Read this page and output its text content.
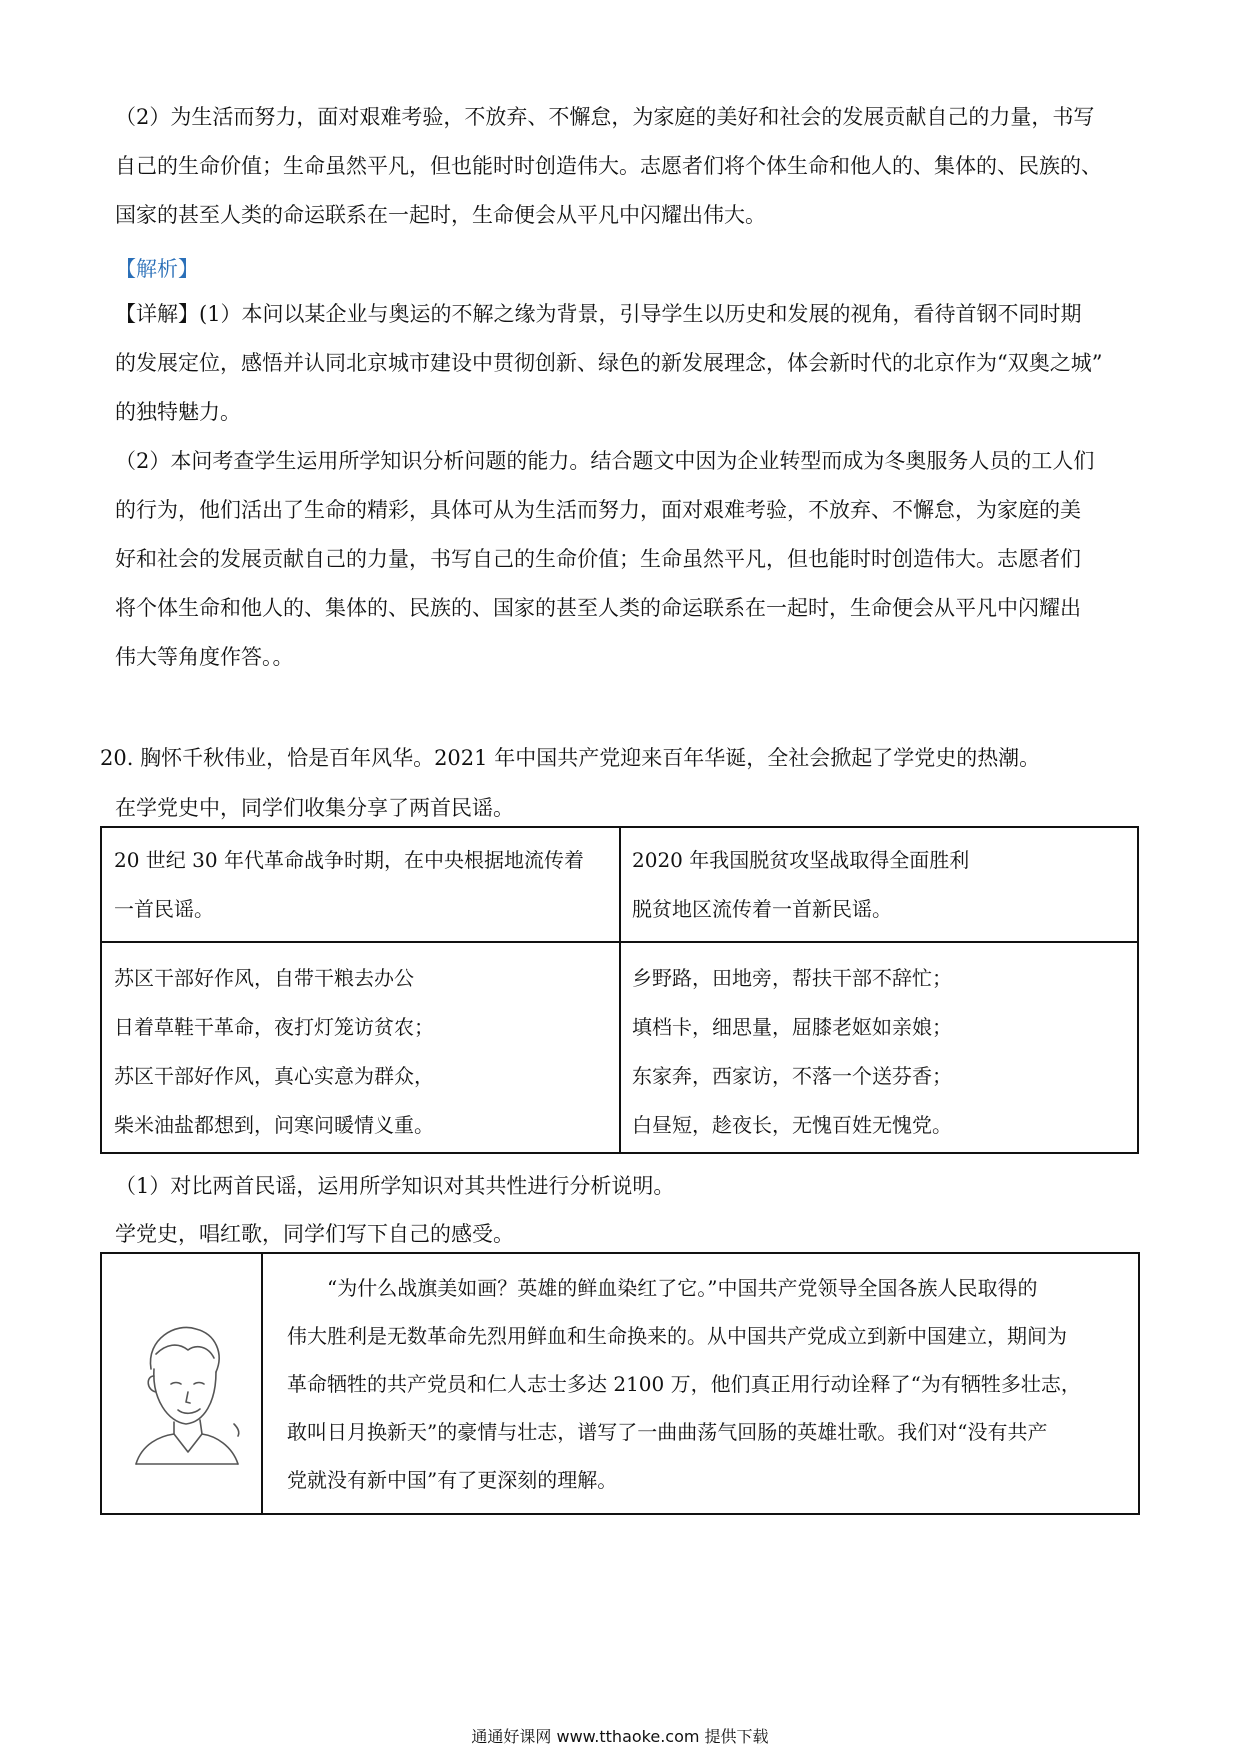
（2）为生活而努力，面对艰难考验，不放弃、不懈怠，为家庭的美好和社会的发展贡献自己的力量，书写
自己的生命价值；生命虽然平凡，但也能时时创造伟大。志愿者们将个体生命和他人的、集体的、民族的、
国家的甚至人类的命运联系在一起时，生命便会从平凡中闪耀出伟大。
【解析】
【详解】(1）本问以某企业与奥运的不解之缘为背景，引导学生以历史和发展的视角，看待首钢不同时期
的发展定位，感悟并认同北京城市建设中贯彻创新、绿色的新发展理念，体会新时代的北京作为“双奥之城”
的独特魅力。
（2）本问考查学生运用所学知识分析问题的能力。结合题文中因为企业转型而成为冬奥服务人员的工人们
的行为，他们活出了生命的精彩，具体可从为生活而努力，面对艰难考验，不放弃、不懈怠，为家庭的美
好和社会的发展贡献自己的力量，书写自己的生命价值；生命虽然平凡，但也能时时创造伟大。志愿者们
将个体生命和他人的、集体的、民族的、国家的甚至人类的命运联系在一起时，生命便会从平凡中闪耀出
伟大等角度作答。。
20. 胸怀千秋伟业，恰是百年风华。2021 年中国共产党迎来百年华诞，全社会掀起了学党史的热潮。
在学党史中，同学们收集分享了两首民谣。
20 世纪 30 年代革命战争时期，在中央根据地流传着
一首民谣。
2020 年我国脱贫攻坚战取得全面胜利
脱贫地区流传着一首新民谣。
苏区干部好作风，自带干粮去办公
日着草鞋干革命，夜打灯笼访贫农；
苏区干部好作风，真心实意为群众，
柴米油盐都想到，问寒问暖情义重。
乡野路，田地旁，帮扶干部不辞忙；
填档卡，细思量，屈膝老妪如亲娘；
东家奔，西家访，不落一个送芬香；
白昼短，趁夜长，无愧百姓无愧党。
（1）对比两首民谣，运用所学知识对其共性进行分析说明。
学党史，唱红歌，同学们写下自己的感受。
“为什么战旗美如画？英雄的鲜血染红了它。”中国共产党领导全国各族人民取得的
伟大胜利是无数革命先烈用鲜血和生命换来的。从中国共产党成立到新中国建立，期间为
革命牺牲的共产党员和仁人志士多达 2100 万，他们真正用行动诠释了“为有牺牲多壮志，
敢叫日月换新天”的豪情与壮志，谱写了一曲曲荡气回肠的英雄壮歌。我们对“没有共产
党就没有新中国”有了更深刻的理解。
通通好课网 www.tthaoke.com 提供下载
